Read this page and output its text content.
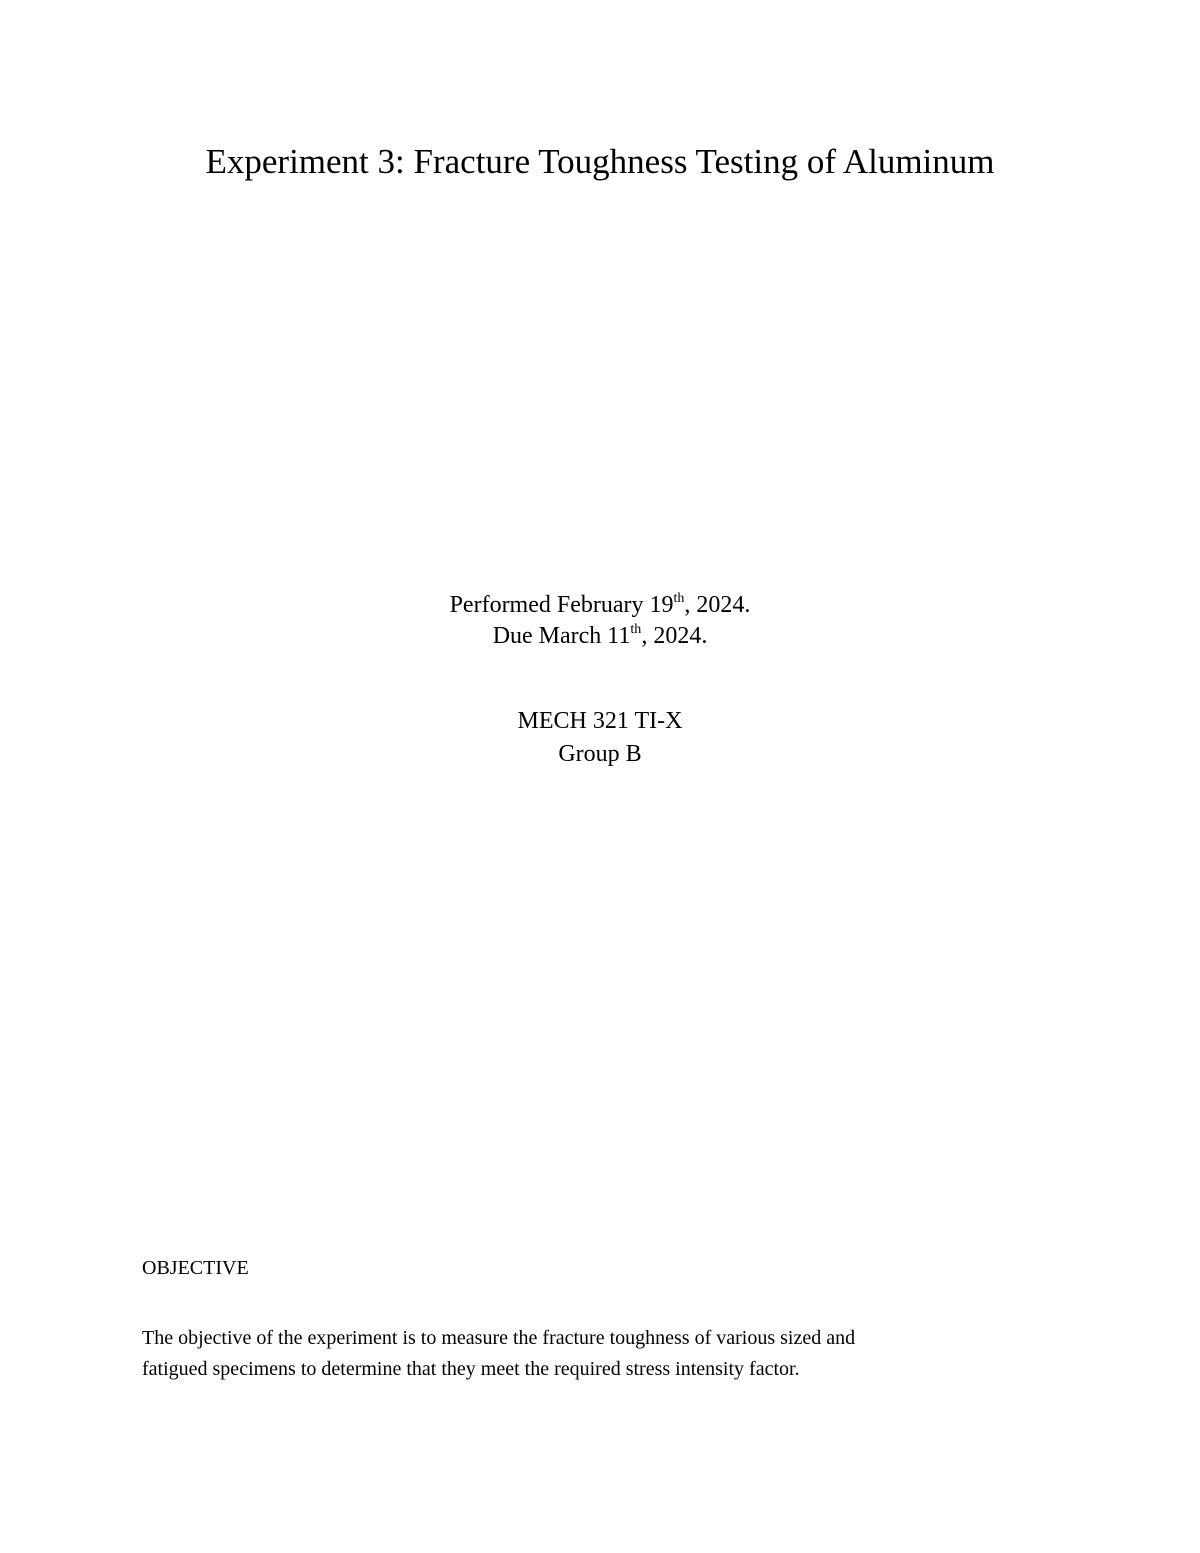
Experiment 3: Fracture Toughness Testing of Aluminum

Performed February 19th, 2024.

Due March 11th, 2024.

MECH 321 TI-X

Group B

OBJECTIVE

The objective of the experiment is to measure the fracture toughness of various sized and
fatigued specimens to determine that they meet the required stress intensity factor.
